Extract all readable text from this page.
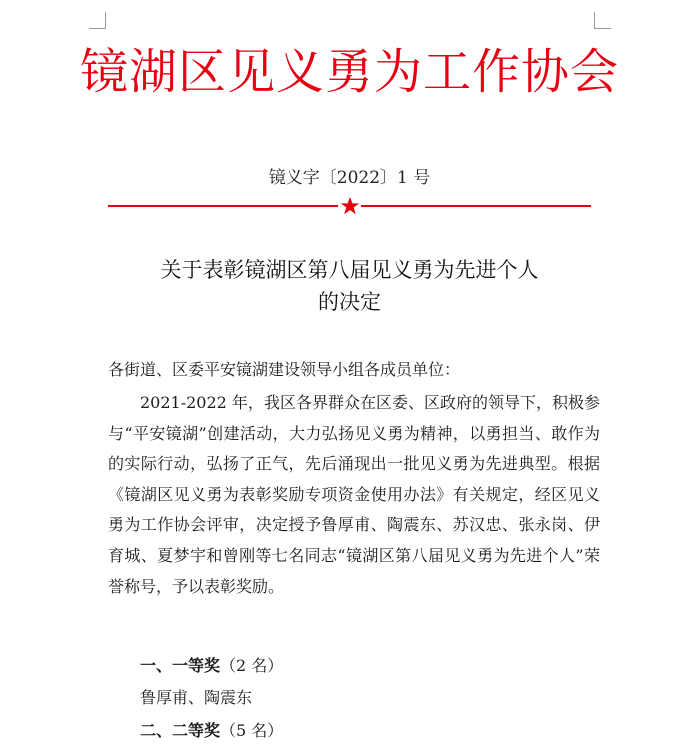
镜湖区见义勇为工作协会
镜义字〔2022〕1 号
关于表彰镜湖区第八届见义勇为先进个人
的决定
各街道、区委平安镜湖建设领导小组各成员单位：
2021-2022 年，我区各界群众在区委、区政府的领导下，积极参与“平安镜湖”创建活动，大力弘扬见义勇为精神，以勇担当、敢作为的实际行动，弘扬了正气，先后涌现出一批见义勇为先进典型。根据《镜湖区见义勇为表彰奖励专项资金使用办法》有关规定，经区见义勇为工作协会评审，决定授予鲁厚甫、陶震东、苏汉忠、张永岗、伊育城、夏梦宇和曾刚等七名同志“镜湖区第八届见义勇为先进个人”荣誉称号，予以表彰奖励。
一、一等奖（2 名）
鲁厚甫、陶震东
二、二等奖（5 名）
